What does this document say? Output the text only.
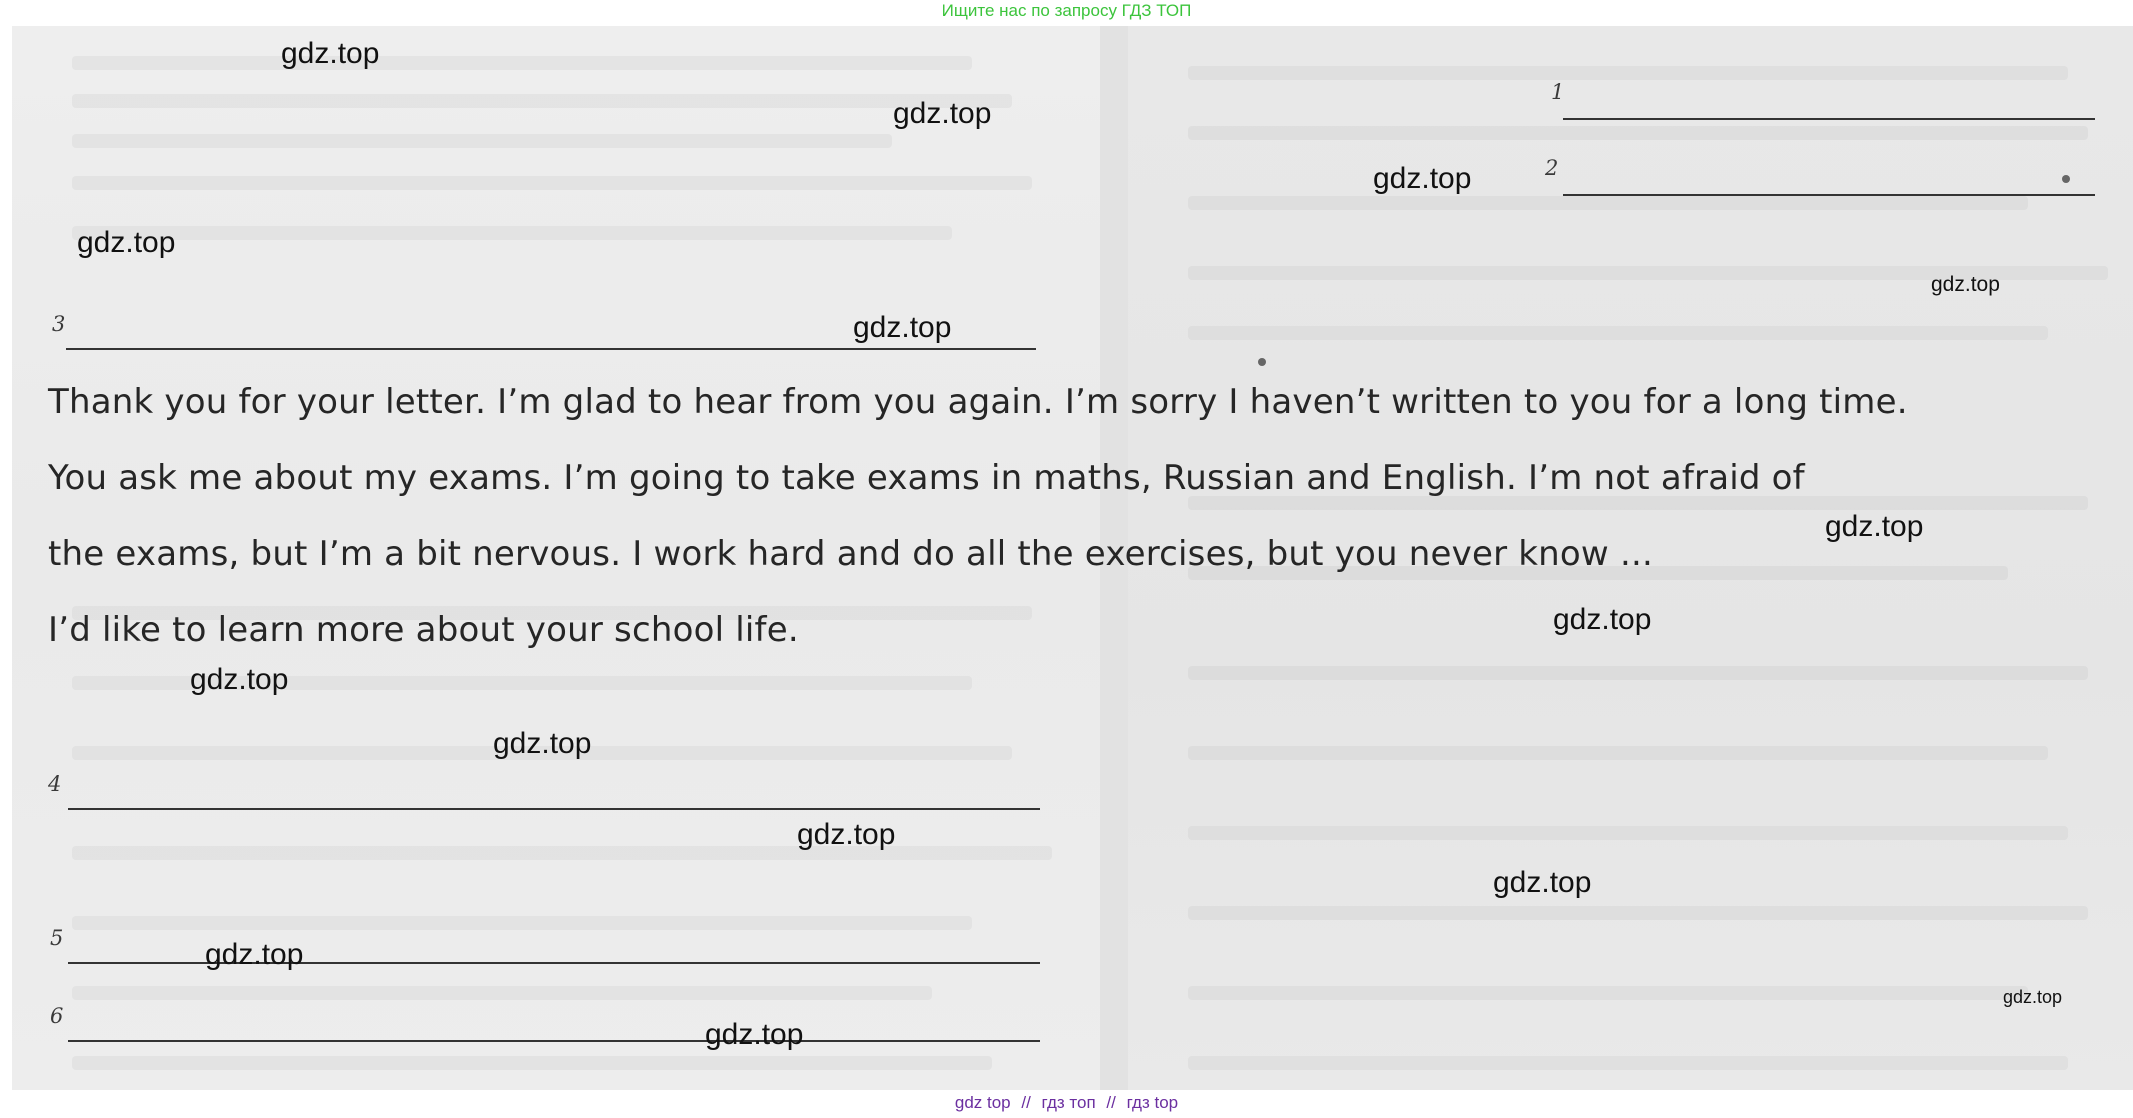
Ищите нас по запросу ГДЗ ТОП
1
2
3
Thank you for your letter. I’m glad to hear from you again. I’m sorry I haven’t written to you for a long time.
You ask me about my exams. I’m going to take exams in maths, Russian and English. I’m not afraid of
the exams, but I’m a bit nervous. I work hard and do all the exercises, but you never know ...
I’d like to learn more about your school life.
4
5
6
gdz.top
gdz.top
gdz.top
gdz.top
gdz.top
gdz.top
gdz.top
gdz.top
gdz.top
gdz.top
gdz.top
gdz.top
gdz.top
gdz.top
gdz.top
gdz top // гдз топ // гдз top
